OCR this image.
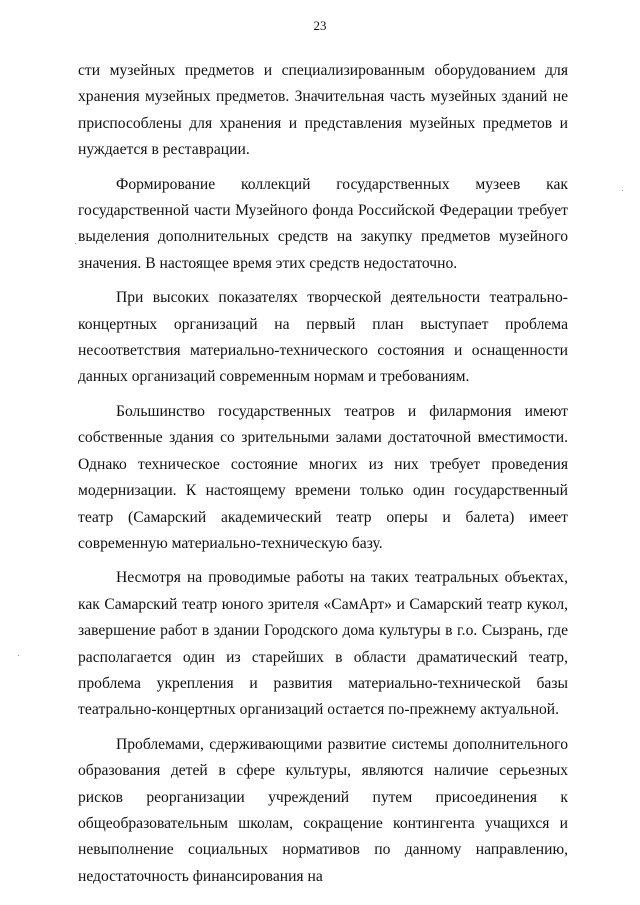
23

сти музейных предметов и специализированным оборудованием для хранения музейных предметов. Значительная часть музейных зданий не приспособлены для хранения и представления музейных предметов и нуждается в реставрации.

Формирование коллекций государственных музеев как государственной части Музейного фонда Российской Федерации требует выделения дополнительных средств на закупку предметов музейного значения. В настоящее время этих средств недостаточно.

При высоких показателях творческой деятельности театрально-концертных организаций на первый план выступает проблема несоответствия материально-технического состояния и оснащенности данных организаций современным нормам и требованиям.

Большинство государственных театров и филармония имеют собственные здания со зрительными залами достаточной вместимости. Однако техническое состояние многих из них требует проведения модернизации. К настоящему времени только один государственный театр (Самарский академический театр оперы и балета) имеет современную материально-техническую базу.

Несмотря на проводимые работы на таких театральных объектах, как Самарский театр юного зрителя «СамАрт» и Самарский театр кукол, завершение работ в здании Городского дома культуры в г.о. Сызрань, где располагается один из старейших в области драматический театр, проблема укрепления и развития материально-технической базы театрально-концертных организаций остается по-прежнему актуальной.

Проблемами, сдерживающими развитие системы дополнительного образования детей в сфере культуры, являются наличие серьезных рисков реорганизации учреждений путем присоединения к общеобразовательным школам, сокращение контингента учащихся и невыполнение социальных нормативов по данному направлению, недостаточность финансирования на
